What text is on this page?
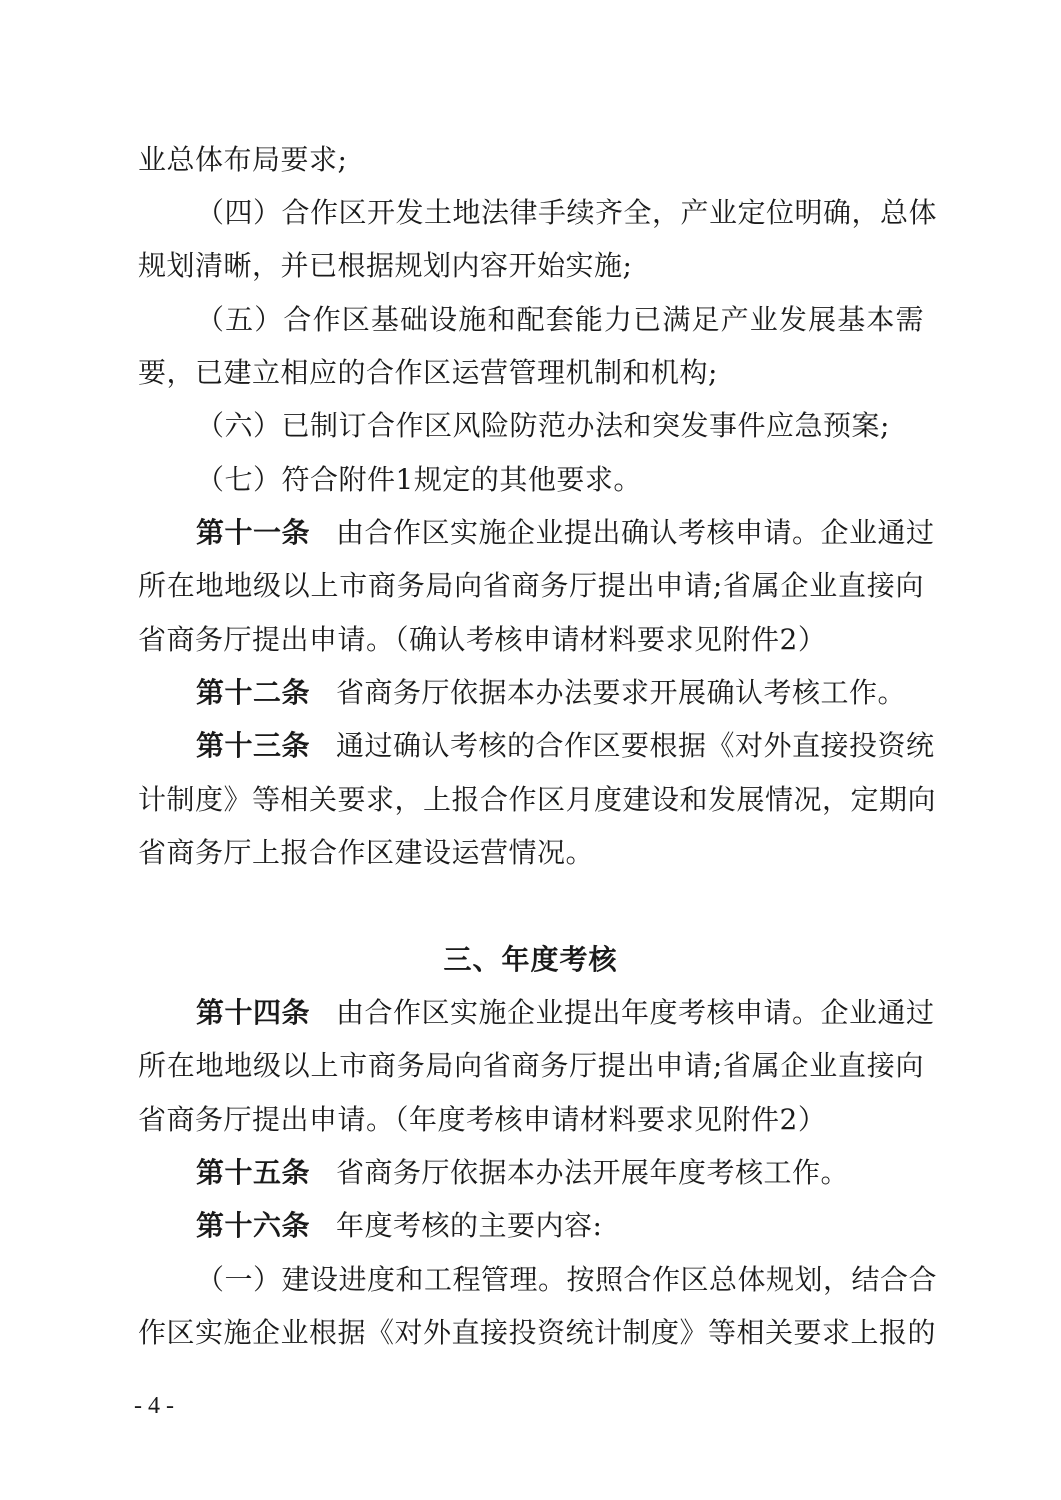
业总体布局要求;
（四）合作区开发土地法律手续齐全，产业定位明确，总体
规划清晰，并已根据规划内容开始实施;
（五）合作区基础设施和配套能力已满足产业发展基本需
要，已建立相应的合作区运营管理机制和机构;
（六）已制订合作区风险防范办法和突发事件应急预案;
（七）符合附件1规定的其他要求。
第十一条 由合作区实施企业提出确认考核申请。企业通过
所在地地级以上市商务局向省商务厅提出申请;省属企业直接向
省商务厅提出申请。（确认考核申请材料要求见附件2）
第十二条 省商务厅依据本办法要求开展确认考核工作。
第十三条 通过确认考核的合作区要根据《对外直接投资统
计制度》等相关要求，上报合作区月度建设和发展情况，定期向
省商务厅上报合作区建设运营情况。
三、年度考核
第十四条 由合作区实施企业提出年度考核申请。企业通过
所在地地级以上市商务局向省商务厅提出申请;省属企业直接向
省商务厅提出申请。（年度考核申请材料要求见附件2）
第十五条 省商务厅依据本办法开展年度考核工作。
第十六条 年度考核的主要内容:
（一）建设进度和工程管理。按照合作区总体规划，结合合
作区实施企业根据《对外直接投资统计制度》等相关要求上报的
- 4 -
